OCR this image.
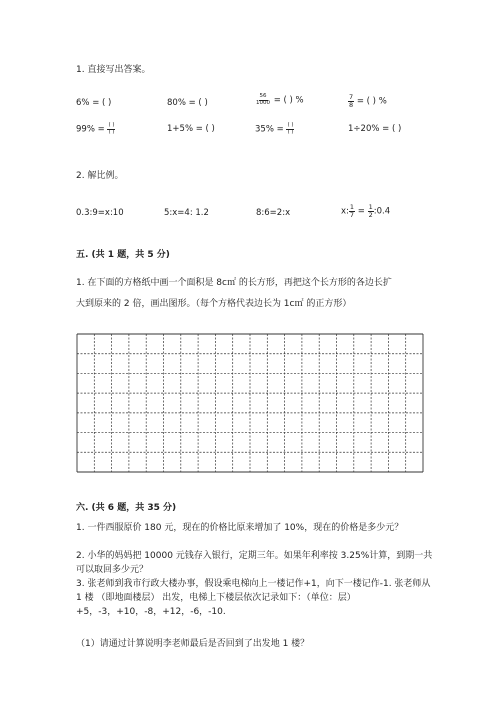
1. 直接写出答案。
6% = ( )	80% = ( )	$\frac{56}{1000}$ = ( ) %	$\frac{7}{8}$ = ( ) %
$99\% = \frac{( )}{( )}$	1+5% = ( )	$35\% = \frac{( )}{( )}$	1÷20% = ( )
2. 解比例。
0.3:9=x:10	5:x=4: 1.2	8:6=2:x	x: $\frac{1}{7} = \frac{1}{2}$ :0.4
五. (共 1 题，共 5 分)
1. 在下面的方格纸中画一个面积是 8c㎡ 的长方形，再把这个长方形的各边长扩
大到原来的 2 倍，画出图形。（每个方格代表边长为 1c㎡ 的正方形）
六. (共 6 题，共 35 分)
1. 一件西服原价 180 元，现在的价格比原来增加了 10%，现在的价格是多少元？
2. 小华的妈妈把 10000 元钱存入银行，定期三年。如果年利率按 3.25%计算，到期一共可以取回多少元？
3. 张老师到我市行政大楼办事，假设乘电梯向上一楼记作+1，向下一楼记作-1. 张老师从 1 楼 （即地面楼层） 出发，电梯上下楼层依次记录如下：（单位：层）+5，-3，+10，-8，+12，-6，-10.
（1）请通过计算说明李老师最后是否回到了出发地 1 楼？
